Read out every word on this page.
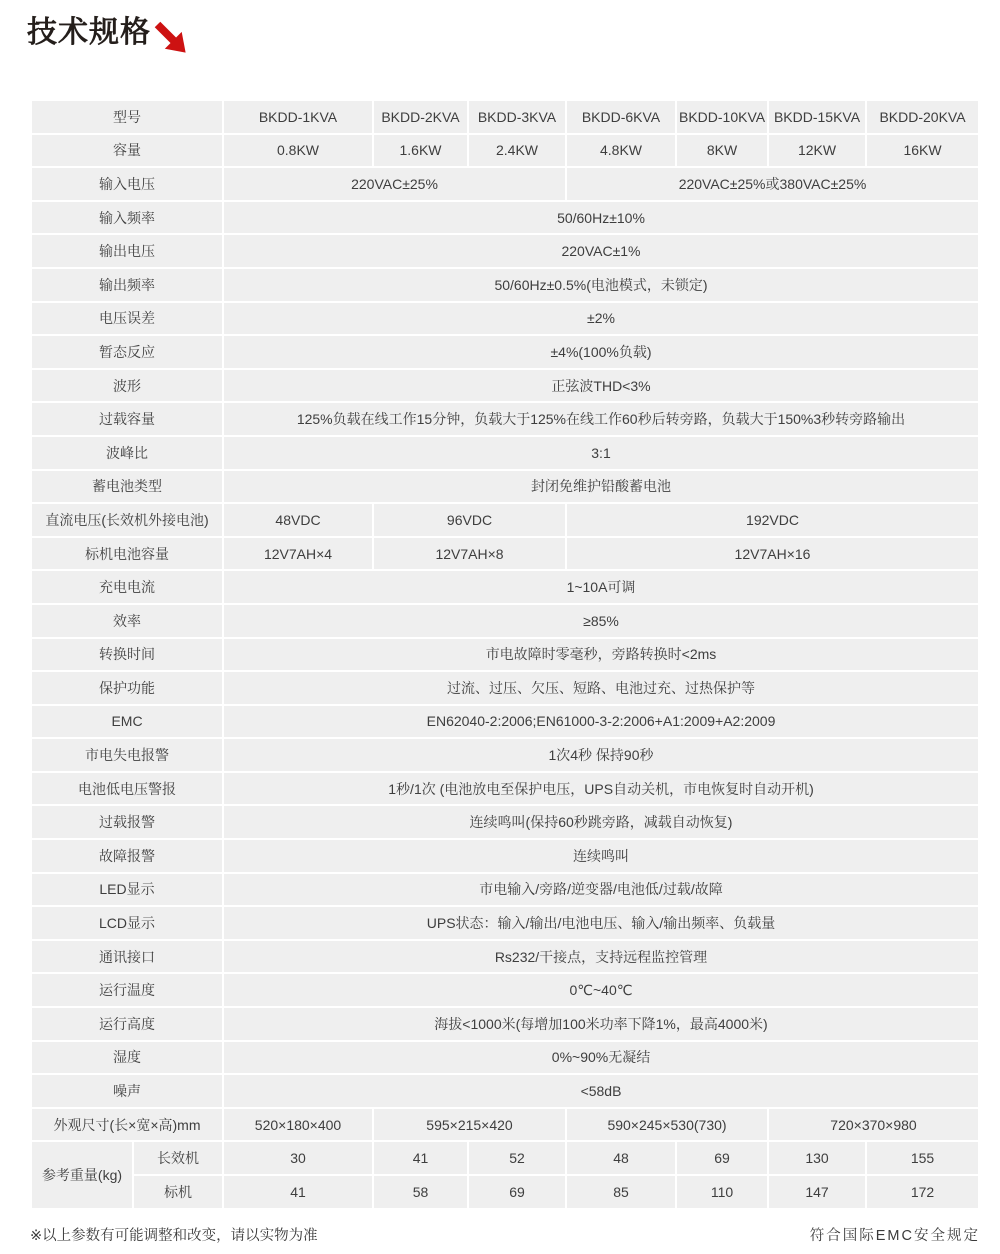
技术规格
型号		BKDD-1KVA	BKDD-2KVA	BKDD-3KVA	BKDD-6KVA	BKDD-10KVA	BKDD-15KVA	BKDD-20KVA
容量		0.8KW	1.6KW	2.4KW	4.8KW	8KW	12KW	16KW
输入电压		220VAC±25%			220VAC±25%或380VAC±25%			
输入频率		50/60Hz±10%						
输出电压		220VAC±1%						
输出频率		50/60Hz±0.5%(电池模式，未锁定)						
电压误差		±2%						
暂态反应		±4%(100%负载)						
波形		正弦波THD<3%						
过载容量		125%负载在线工作15分钟，负载大于125%在线工作60秒后转旁路，负载大于150%3秒转旁路输出						
波峰比		3:1						
蓄电池类型		封闭免维护铅酸蓄电池						
直流电压(长效机外接电池)		48VDC	96VDC		192VDC			
标机电池容量		12V7AH×4	12V7AH×8		12V7AH×16			
充电电流		1~10A可调						
效率		≥85%						
转换时间		市电故障时零毫秒，旁路转换时<2ms						
保护功能		过流、过压、欠压、短路、电池过充、过热保护等						
EMC		EN62040-2:2006;EN61000-3-2:2006+A1:2009+A2:2009						
市电失电报警		1次4秒 保持90秒						
电池低电压警报		1秒/1次 (电池放电至保护电压，UPS自动关机，市电恢复时自动开机)						
过载报警		连续鸣叫(保持60秒跳旁路，减载自动恢复)						
故障报警		连续鸣叫						
LED显示		市电输入/旁路/逆变器/电池低/过载/故障						
LCD显示		UPS状态：输入/输出/电池电压、输入/输出频率、负载量						
通讯接口		Rs232/干接点，支持远程监控管理						
运行温度		0℃~40℃						
运行高度		海拔<1000米(每增加100米功率下降1%，最高4000米)						
湿度		0%~90%无凝结						
噪声		<58dB						
外观尺寸(长×宽×高)mm		520×180×400	595×215×420		590×245×530(730)		720×370×980	
参考重量(kg)	长效机	30	41	52	48	69	130	155
	标机	41	58	69	85	110	147	172
※以上参数有可能调整和改变，请以实物为准	符合国际EMC安全规定
